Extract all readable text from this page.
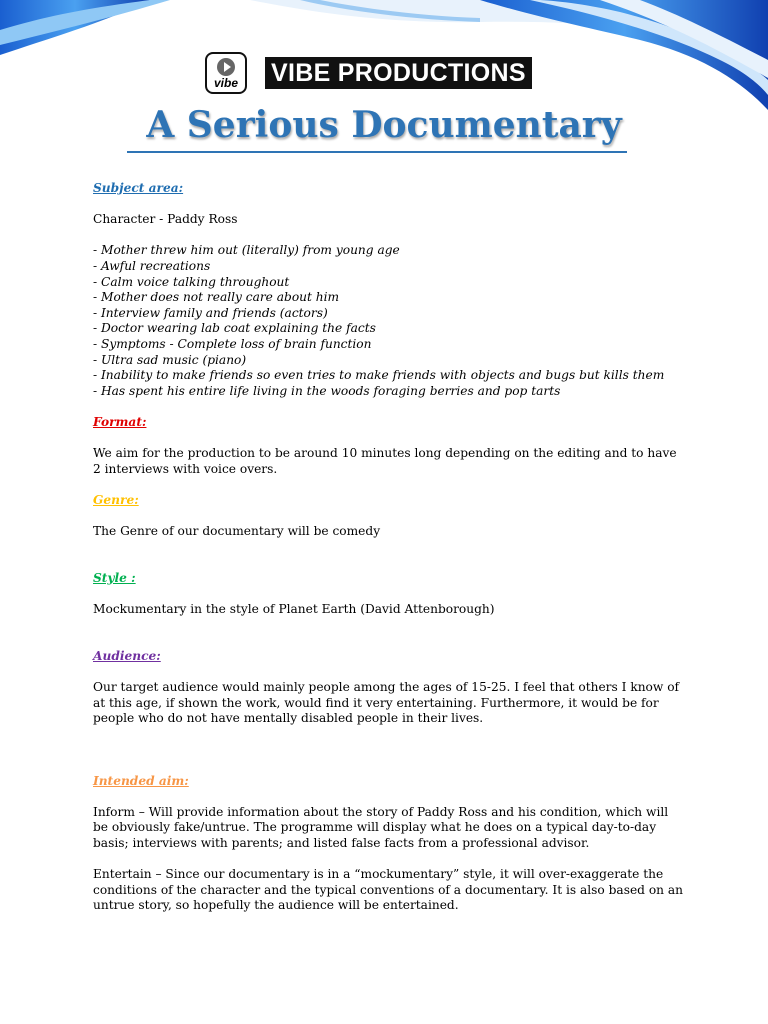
vibe VIBE PRODUCTIONS
A Serious Documentary

Subject area:

Character - Paddy Ross

- Mother threw him out (literally) from young age

- Awful recreations

- Calm voice talking throughout

- Mother does not really care about him

- Interview family and friends (actors)

- Doctor wearing lab coat explaining the facts

- Symptoms - Complete loss of brain function

- Ultra sad music (piano)

- Inability to make friends so even tries to make friends with objects and bugs but kills them

- Has spent his entire life living in the woods foraging berries and pop tarts

Format:

We aim for the production to be around 10 minutes long depending on the editing and to have 2 interviews with voice overs.

Genre:

The Genre of our documentary will be comedy

Style :

Mockumentary in the style of Planet Earth (David Attenborough)

Audience:

Our target audience would mainly people among the ages of 15-25. I feel that others I know of at this age, if shown the work, would find it very entertaining. Furthermore, it would be for people who do not have mentally disabled people in their lives.

Intended aim:

Inform – Will provide information about the story of Paddy Ross and his condition, which will be obviously fake/untrue. The programme will display what he does on a typical day-to-day basis; interviews with parents; and listed false facts from a professional advisor.

Entertain – Since our documentary is in a “mockumentary” style, it will over-exaggerate the conditions of the character and the typical conventions of a documentary. It is also based on an untrue story, so hopefully the audience will be entertained.
